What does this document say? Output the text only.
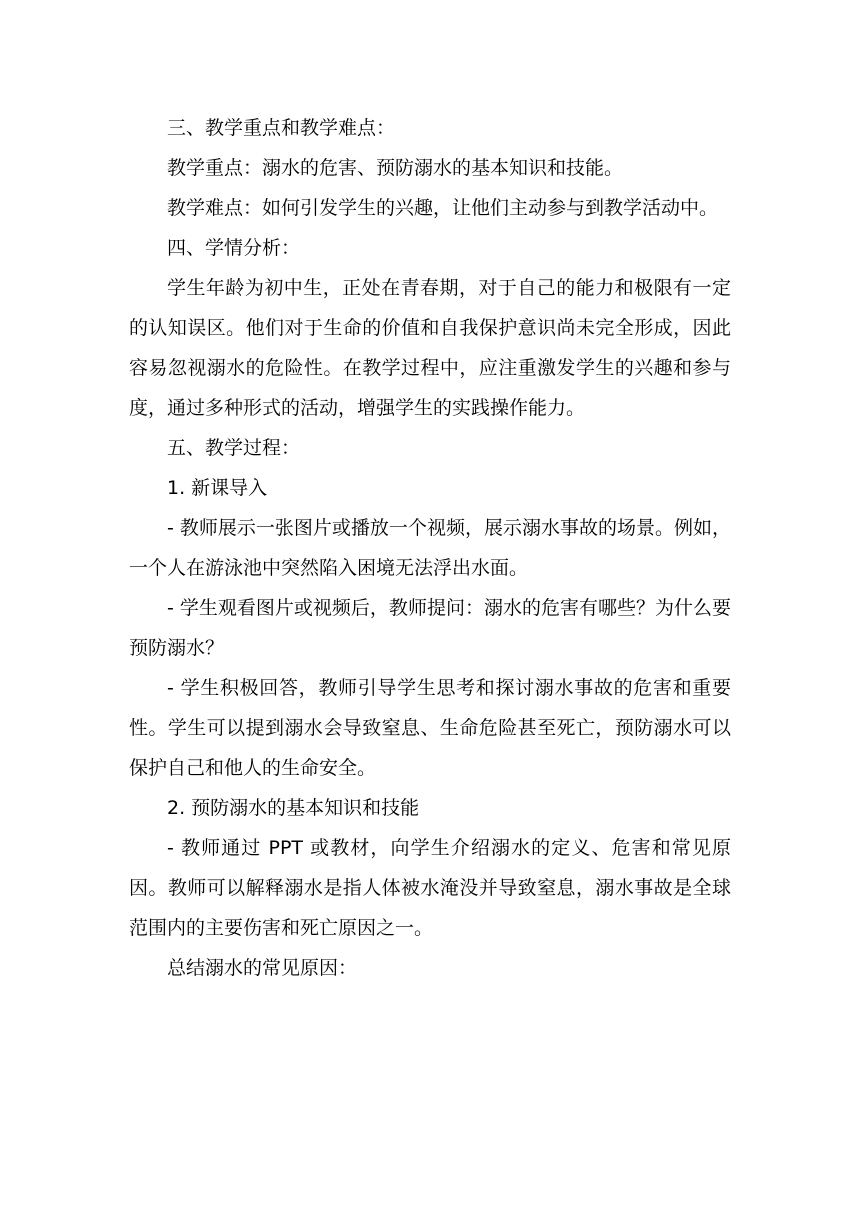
三、教学重点和教学难点：

教学重点：溺水的危害、预防溺水的基本知识和技能。

教学难点：如何引发学生的兴趣，让他们主动参与到教学活动中。

四、学情分析：

学生年龄为初中生，正处在青春期，对于自己的能力和极限有一定的认知误区。他们对于生命的价值和自我保护意识尚未完全形成，因此容易忽视溺水的危险性。在教学过程中，应注重激发学生的兴趣和参与度，通过多种形式的活动，增强学生的实践操作能力。

五、教学过程：

1. 新课导入

- 教师展示一张图片或播放一个视频，展示溺水事故的场景。例如，一个人在游泳池中突然陷入困境无法浮出水面。

- 学生观看图片或视频后，教师提问：溺水的危害有哪些？为什么要预防溺水？

- 学生积极回答，教师引导学生思考和探讨溺水事故的危害和重要性。学生可以提到溺水会导致窒息、生命危险甚至死亡，预防溺水可以保护自己和他人的生命安全。

2. 预防溺水的基本知识和技能

- 教师通过 PPT 或教材，向学生介绍溺水的定义、危害和常见原因。教师可以解释溺水是指人体被水淹没并导致窒息，溺水事故是全球范围内的主要伤害和死亡原因之一。

总结溺水的常见原因：
